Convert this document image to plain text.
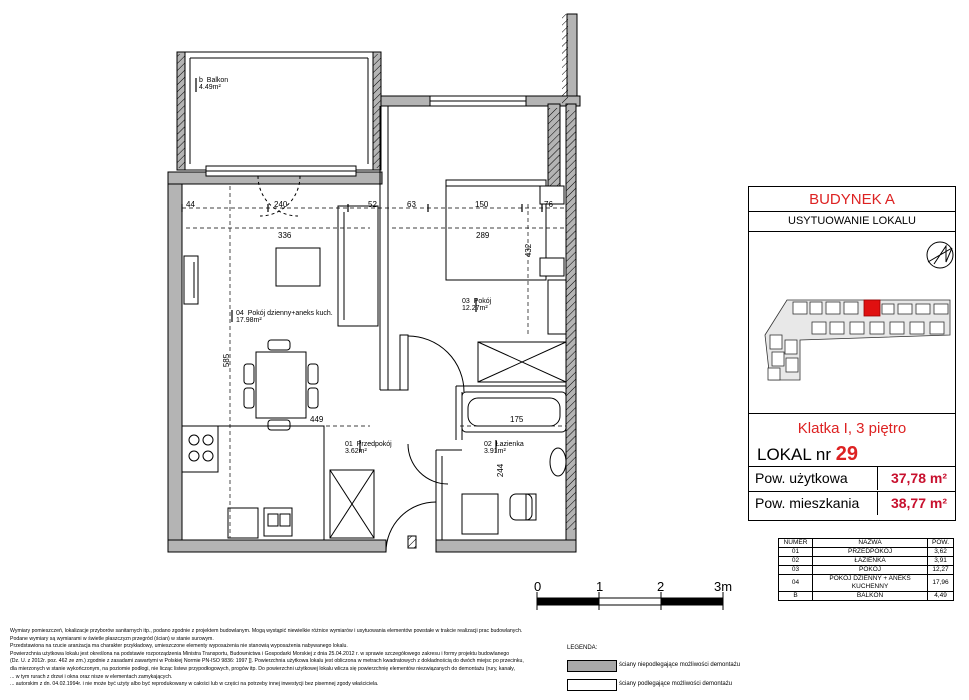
b Balkon
4.49m²
04 Pokój dzienny+aneks kuch.
17.98m²
03 Pokój
12.27m²
01 Przedpokój
3.62m²
02 Łazienka
3.91m²
44	240	52	63	150	76
336	289
432
585
449	175
244
BUDYNEK A
USYTUOWANIE LOKALU
Klatka I, 3 piętro
LOKAL nr 29
Pow. użytkowa	37,78 m²
Pow. mieszkania 38,77 m²
NUMER	NAZWA	POW.
01	PRZEDPOKÓJ	3,62
02	ŁAZIENKA	3,91
03	POKÓJ	12,27
04	POKÓJ DZIENNY + ANEKS KUCHENNY	17,96
B	BALKON	4,49
0	1	2	3m
Wymiary pomieszczeń, lokalizacje przyborów sanitarnych itp., podano zgodnie z projektem budowlanym. Mogą wystąpić niewielkie różnice wymiarów i usytuowania elementów powstałe w trakcie realizacji prac budowlanych.
Podane wymiary są wymiarami w świetle płaszczyzn przegród (ścian) w stanie surowym.
Przedstawiona na rzucie aranżacja ma charakter przykładowy, umieszczone elementy wyposażenia nie stanowią wyposażenia nabywanego lokalu.
Powierzchnia użytkowa lokalu jest określona na podstawie rozporządzenia Ministra Transportu, Budownictwa i Gospodarki Morskiej z dnia 25.04.2012 r. w sprawie szczegółowego zakresu i formy projektu budowlanego
(Dz. U. z 2012r. poz. 462 ze zm.) zgodnie z zasadami zawartymi w Polskiej Normie PN-ISO 9836: 1997 ]]. Powierzchnia użytkowa lokalu jest obliczona w metrach kwadratowych z dokładnością do dwóch miejsc po przecinku,
dla mierzonych w stanie wykończonym, na poziomie podłogi, nie licząc listew przypodłogowych, progów itp. Do powierzchni użytkowej lokalu wlicza się powierzchnię elementów niezwiązanych do demontażu (rury, kanały,
... w tym rurach z drzwi i okna oraz nisze w elementach zamykających.
... autorskim z dn. 04.02.1994r. i nie może być użyty albo być reprodukowany w całości lub w części na potrzeby innej inwestycji bez pisemnej zgody właściciela.
LEGENDA:
ściany niepodlegające możliwości demontażu
ściany podlegające możliwości demontażu
